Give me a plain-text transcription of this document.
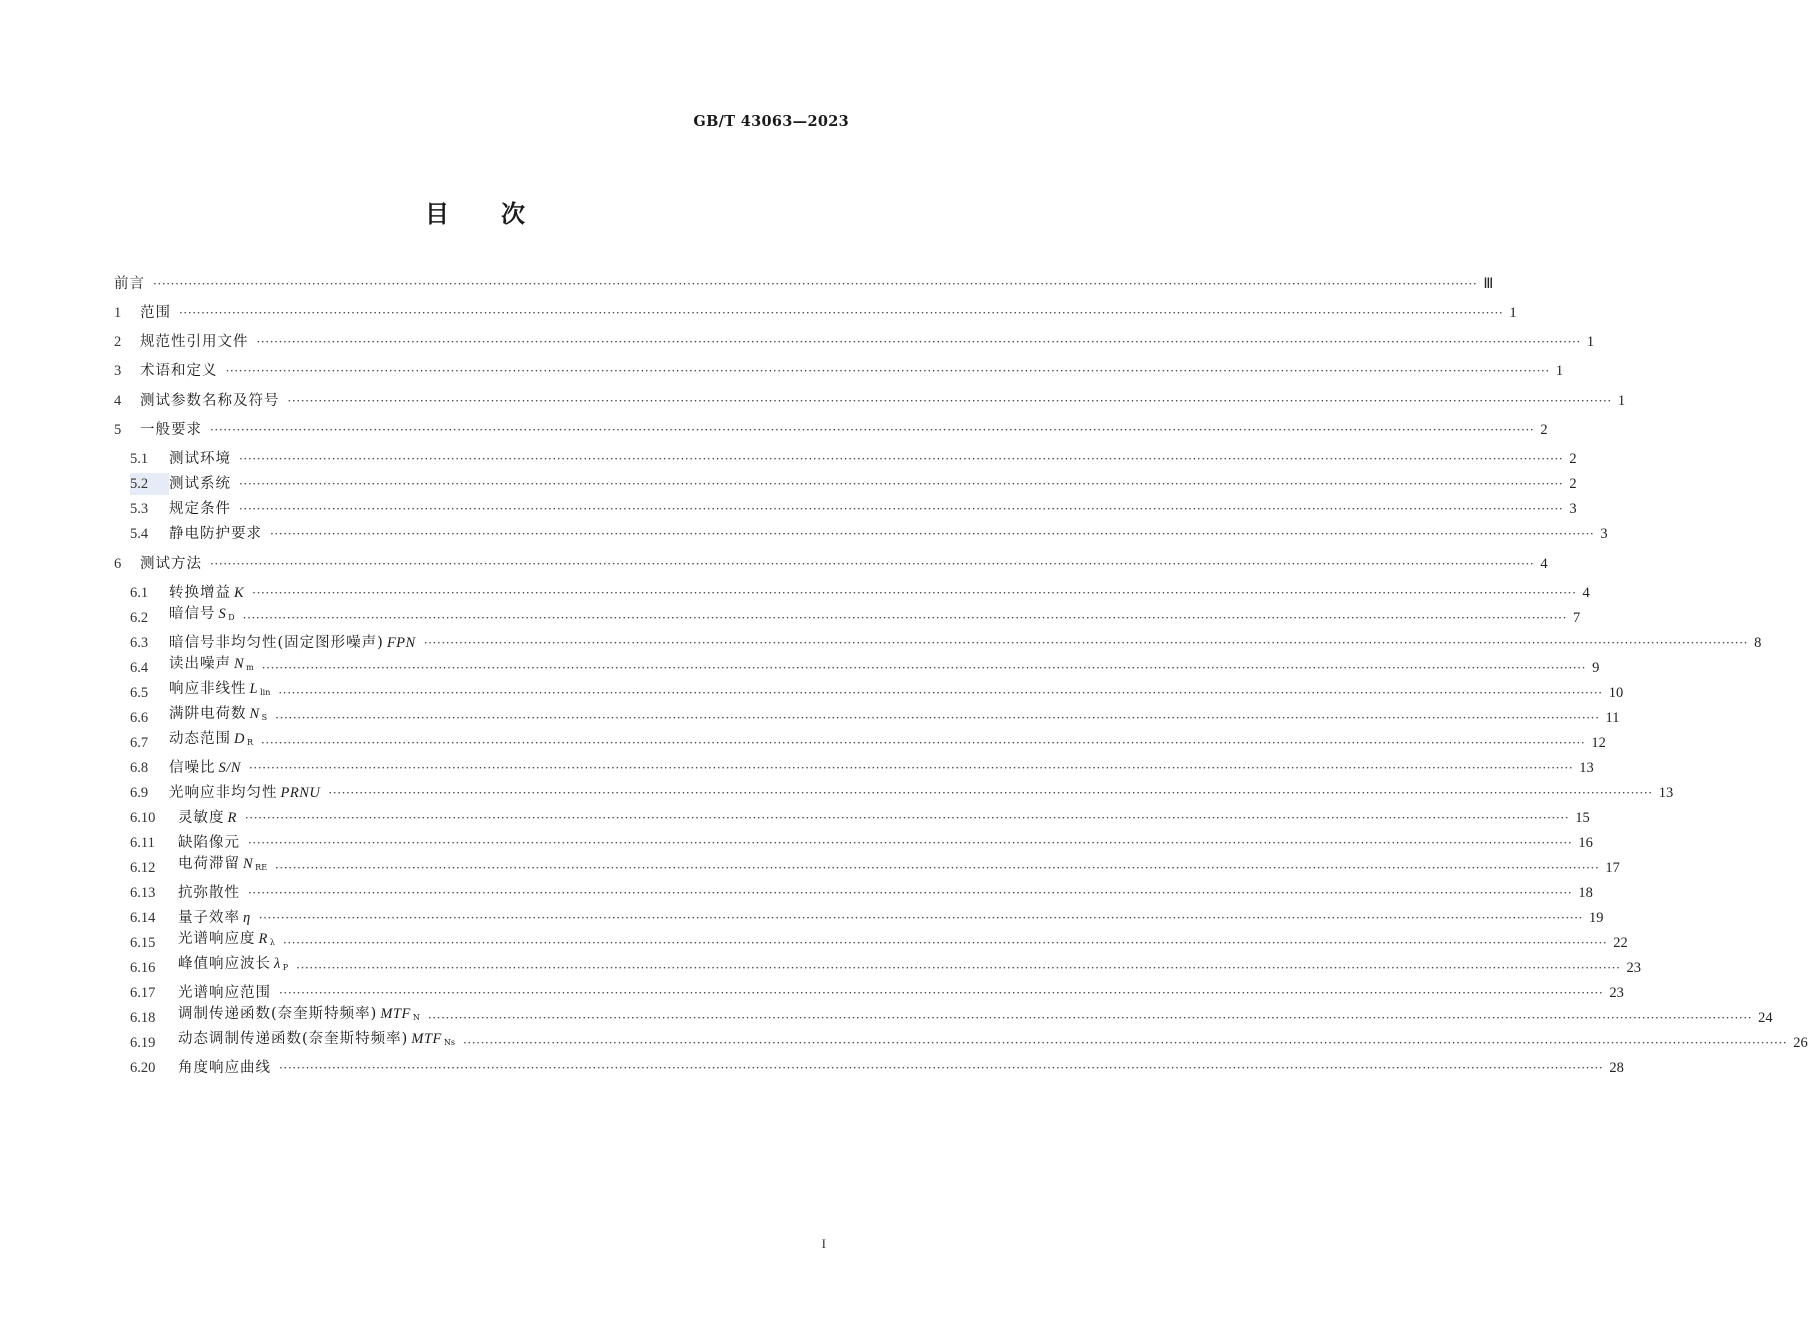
GB/T 43063—2023
目次
前言 ············································································································································································································································································································ Ⅲ
1	范围 ············································································································································································································································································································ 1
2	规范性引用文件 ············································································································································································································································································································ 1
3	术语和定义 ············································································································································································································································································································ 1
4	测试参数名称及符号 ············································································································································································································································································································ 1
5	一般要求 ············································································································································································································································································································ 2
5.1	测试环境 ············································································································································································································································································································ 2
5.2	测试系统 ············································································································································································································································································································ 2
5.3	规定条件 ············································································································································································································································································································ 3
5.4	静电防护要求 ············································································································································································································································································································ 3
6	测试方法 ············································································································································································································································································································ 4
6.1	转换增益 K ············································································································································································································································································································ 4
6.2	暗信号 S $_D$ ············································································································································································································································································································ 7
6.3	暗信号非均匀性(固定图形噪声) FPN ············································································································································································································································································································ 8
6.4	读出噪声 N $_m$ ············································································································································································································································································································ 9
6.5	响应非线性 L $_{lin}$ ············································································································································································································································································································ 10
6.6	满阱电荷数 N $_S$ ············································································································································································································································································································ 11
6.7	动态范围 D $_R$ ············································································································································································································································································································ 12
6.8	信噪比 S/N ············································································································································································································································································································ 13
6.9	光响应非均匀性 PRNU ············································································································································································································································································································ 13
6.10	灵敏度 R ············································································································································································································································································································ 15
6.11	缺陷像元 ············································································································································································································································································································ 16
6.12	电荷滞留 N $_{RE}$ ············································································································································································································································································································ 17
6.13	抗弥散性 ············································································································································································································································································································ 18
6.14	量子效率 η ············································································································································································································································································································ 19
6.15	光谱响应度 R $_\lambda$ ············································································································································································································································································································ 22
6.16	峰值响应波长 λ $_P$ ············································································································································································································································································································ 23
6.17	光谱响应范围 ············································································································································································································································································································ 23
6.18	调制传递函数(奈奎斯特频率) MTF $_N$ ············································································································································································································································································································ 24
6.19	动态调制传递函数(奈奎斯特频率) MTF $_{Ns}$ ············································································································································································································································································································ 26
6.20	角度响应曲线 ············································································································································································································································································································ 28
I
